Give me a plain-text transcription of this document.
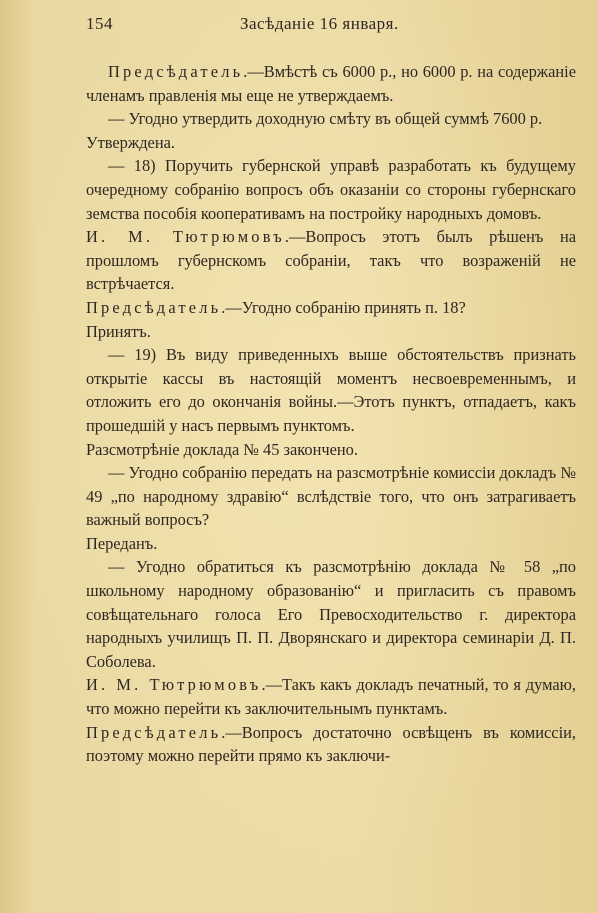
154	Засѣданіе 16 января.

Предсѣдатель.—Вмѣстѣ съ 6000 р., но 6000 р. на содержаніе членамъ правленія мы еще не утверждаемъ.

— Угодно утвердить доходную смѣту въ общей суммѣ 7600 р.

Утверждена.

— 18) Поручить губернской управѣ разработать къ будущему очередному собранію вопросъ объ оказаніи со стороны губернскаго земства пособія кооперативамъ на постройку народныхъ домовъ.

И. М. Тютрюмовъ.—Вопросъ этотъ былъ рѣшенъ на прошломъ губернскомъ собраніи, такъ что возраженій не встрѣчается.

Предсѣдатель.—Угодно собранію принять п. 18?

Принятъ.

— 19) Въ виду приведенныхъ выше обстоятельствъ признать открытіе кассы въ настоящій моментъ несвоевременнымъ, и отложить его до окончанія войны.—Этотъ пунктъ, отпадаетъ, какъ прошедшій у насъ первымъ пунктомъ.

Разсмотрѣніе доклада № 45 закончено.

— Угодно собранію передать на разсмотрѣніе комиссіи докладъ № 49 „по народному здравію“ вслѣдствіе того, что онъ затрагиваетъ важный вопросъ?

Переданъ.

— Угодно обратиться къ разсмотрѣнію доклада № 58 „по школьному народному образованію“ и пригласить съ правомъ совѣщательнаго голоса Его Превосходительство г. директора народныхъ училищъ П. П. Дворянскаго и директора семинаріи Д. П. Соболева.

И. М. Тютрюмовъ.—Такъ какъ докладъ печатный, то я думаю, что можно перейти къ заключительнымъ пунктамъ.

Предсѣдатель.—Вопросъ достаточно освѣщенъ въ комиссіи, поэтому можно перейти прямо къ заключи-
